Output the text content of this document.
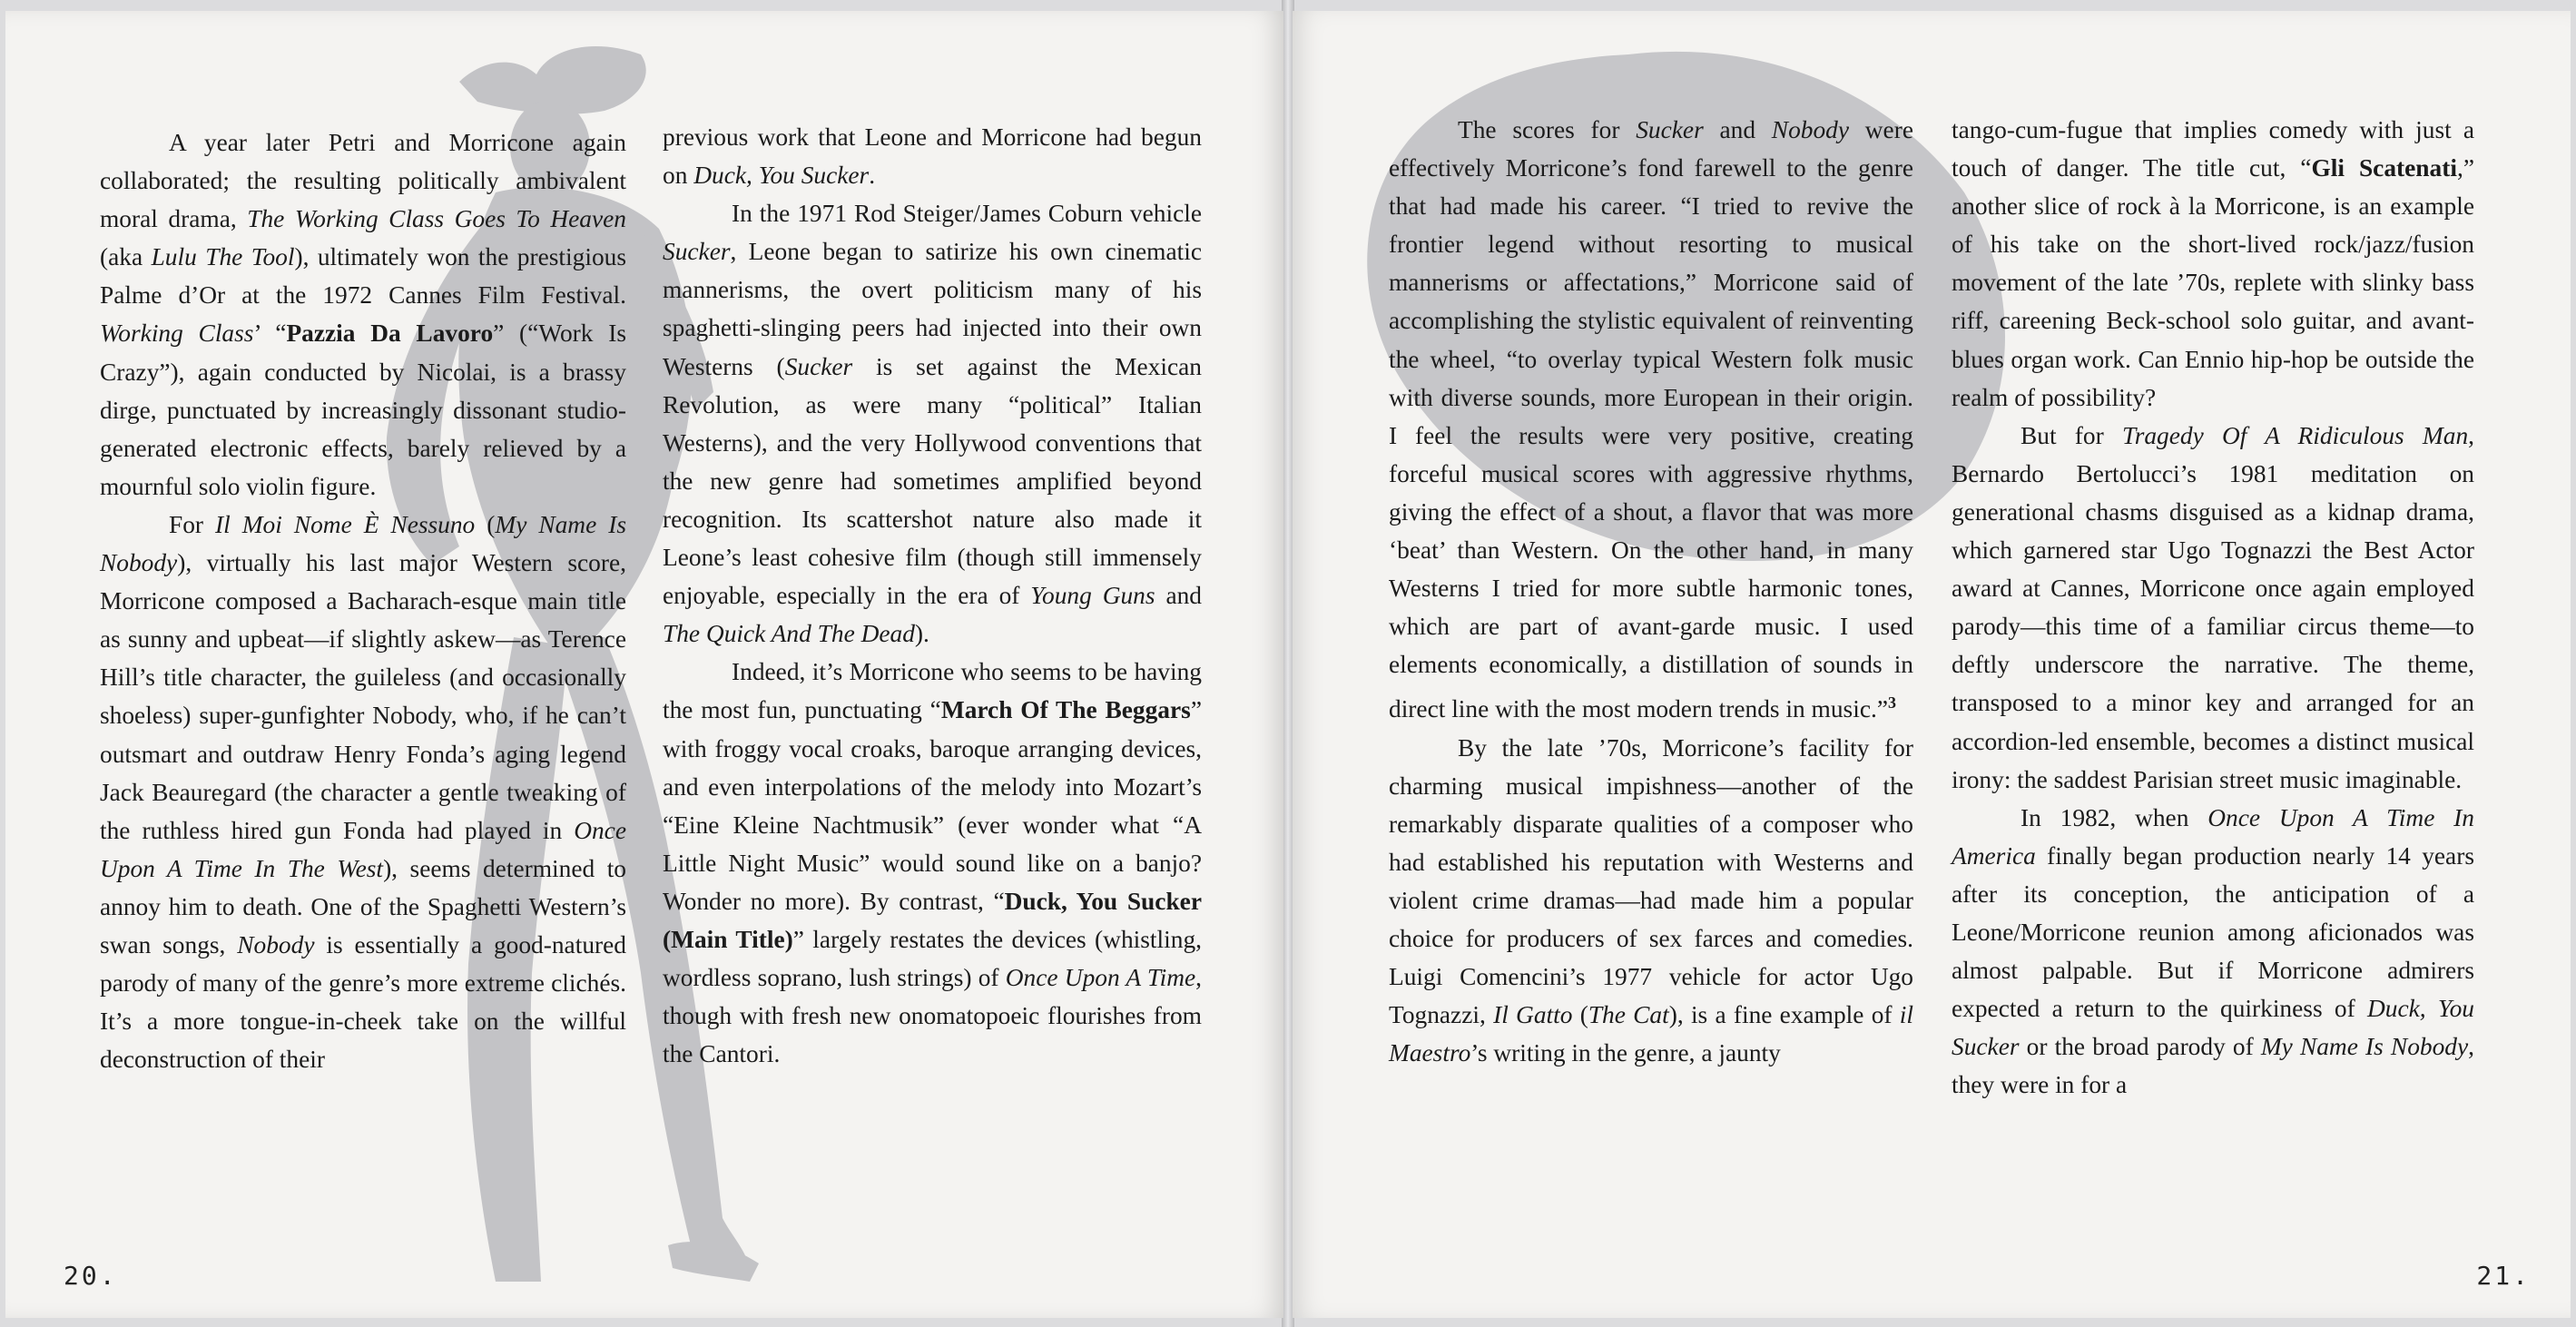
A year later Petri and Morricone again collaborated; the resulting politically ambivalent moral drama, The Working Class Goes To Heaven (aka Lulu The Tool), ultimately won the prestigious Palme d’Or at the 1972 Cannes Film Festival. Working Class’ “Pazzia Da Lavoro” (“Work Is Crazy”), again conducted by Nicolai, is a brassy dirge, punctuated by increasingly dissonant studio-generated electronic effects, barely relieved by a mournful solo violin figure.

For Il Moi Nome È Nessuno (My Name Is Nobody), virtually his last major Western score, Morricone composed a Bacharach-esque main title as sunny and upbeat—if slightly askew—as Terence Hill’s title character, the guileless (and occasionally shoeless) super-gunfighter Nobody, who, if he can’t outsmart and outdraw Henry Fonda’s aging legend Jack Beauregard (the character a gentle tweaking of the ruthless hired gun Fonda had played in Once Upon A Time In The West), seems determined to annoy him to death. One of the Spaghetti Western’s swan songs, Nobody is essentially a good-natured parody of many of the genre’s more extreme clichés. It’s a more tongue-in-cheek take on the willful deconstruction of their

previous work that Leone and Morricone had begun on Duck, You Sucker.

In the 1971 Rod Steiger/James Coburn vehicle Sucker, Leone began to satirize his own cinematic mannerisms, the overt politicism many of his spaghetti-slinging peers had injected into their own Westerns (Sucker is set against the Mexican Revolution, as were many “political” Italian Westerns), and the very Hollywood conventions that the new genre had sometimes amplified beyond recognition. Its scattershot nature also made it Leone’s least cohesive film (though still immensely enjoyable, especially in the era of Young Guns and The Quick And The Dead).

Indeed, it’s Morricone who seems to be having the most fun, punctuating “March Of The Beggars” with froggy vocal croaks, baroque arranging devices, and even interpolations of the melody into Mozart’s “Eine Kleine Nachtmusik” (ever wonder what “A Little Night Music” would sound like on a banjo? Wonder no more). By contrast, “Duck, You Sucker (Main Title)” largely restates the devices (whistling, wordless soprano, lush strings) of Once Upon A Time, though with fresh new onomatopoeic flourishes from the Cantori.

20.

The scores for Sucker and Nobody were effectively Morricone’s fond farewell to the genre that had made his career. “I tried to revive the frontier legend without resorting to musical mannerisms or affectations,” Morricone said of accomplishing the stylistic equivalent of reinventing the wheel, “to overlay typical Western folk music with diverse sounds, more European in their origin. I feel the results were very positive, creating forceful musical scores with aggressive rhythms, giving the effect of a shout, a flavor that was more ‘beat’ than Western. On the other hand, in many Westerns I tried for more subtle harmonic tones, which are part of avant-garde music. I used elements economically, a distillation of sounds in direct line with the most modern trends in music.”$^3$

By the late ’70s, Morricone’s facility for charming musical impishness—another of the remarkably disparate qualities of a composer who had established his reputation with Westerns and violent crime dramas—had made him a popular choice for producers of sex farces and comedies. Luigi Comencini’s 1977 vehicle for actor Ugo Tognazzi, Il Gatto (The Cat), is a fine example of il Maestro’s writing in the genre, a jaunty

tango-cum-fugue that implies comedy with just a touch of danger. The title cut, “Gli Scatenati,” another slice of rock à la Morricone, is an example of his take on the short-lived rock/jazz/fusion movement of the late ’70s, replete with slinky bass riff, careening Beck-school solo guitar, and avant-blues organ work. Can Ennio hip-hop be outside the realm of possibility?

But for Tragedy Of A Ridiculous Man, Bernardo Bertolucci’s 1981 meditation on generational chasms disguised as a kidnap drama, which garnered star Ugo Tognazzi the Best Actor award at Cannes, Morricone once again employed parody—this time of a familiar circus theme—to deftly underscore the narrative. The theme, transposed to a minor key and arranged for an accordion-led ensemble, becomes a distinct musical irony: the saddest Parisian street music imaginable.

In 1982, when Once Upon A Time In America finally began production nearly 14 years after its conception, the anticipation of a Leone/Morricone reunion among aficionados was almost palpable. But if Morricone admirers expected a return to the quirkiness of Duck, You Sucker or the broad parody of My Name Is Nobody, they were in for a

21.
